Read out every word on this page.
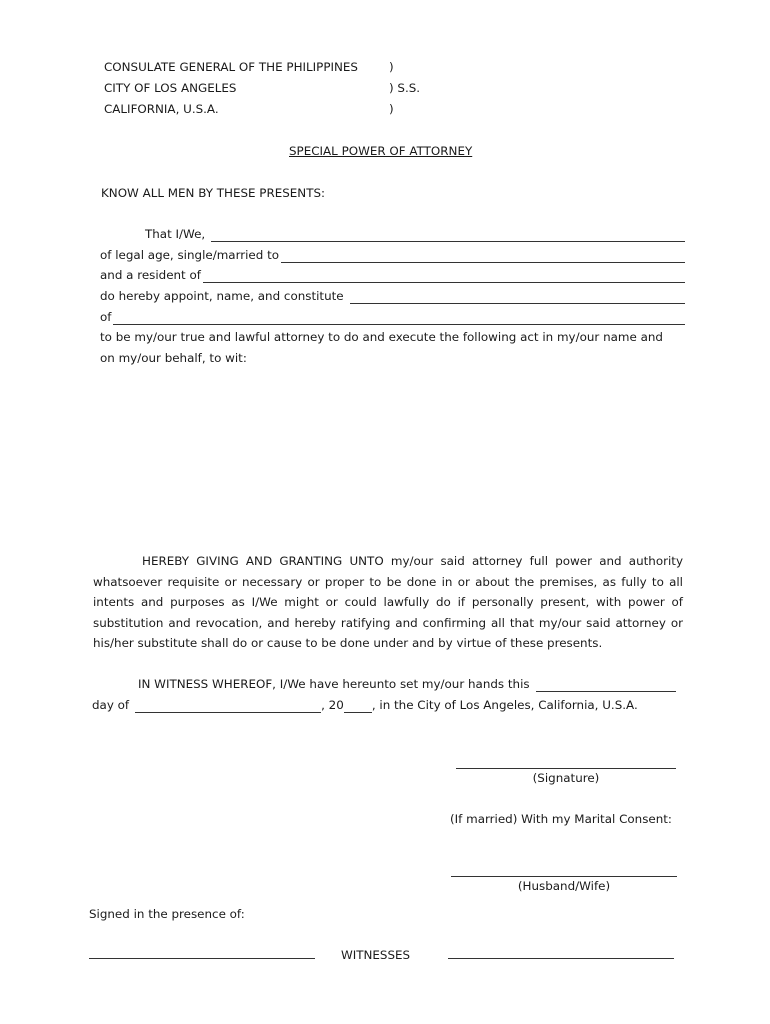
CONSULATE GENERAL OF THE PHILIPPINES
CITY OF LOS ANGELES
CALIFORNIA, U.S.A.
)
) S.S.
)
SPECIAL POWER OF ATTORNEY
KNOW ALL MEN BY THESE PRESENTS:
That I/We,
of legal age, single/married to
and a resident of
do hereby appoint, name, and constitute
of
to be my/our true and lawful attorney to do and execute the following act in my/our name and
on my/our behalf, to wit:
HEREBY GIVING AND GRANTING UNTO my/our said attorney full power and authority whatsoever requisite or necessary or proper to be done in or about the premises, as fully to all intents and purposes as I/We might or could lawfully do if personally present, with power of substitution and revocation, and hereby ratifying and confirming all that my/our said attorney or his/her substitute shall do or cause to be done under and by virtue of these presents.
IN WITNESS WHEREOF, I/We have hereunto set my/our hands this
day of	, 20 , in the City of Los Angeles, California, U.S.A.
(Signature)
(If married) With my Marital Consent:
(Husband/Wife)
Signed in the presence of:
WITNESSES
